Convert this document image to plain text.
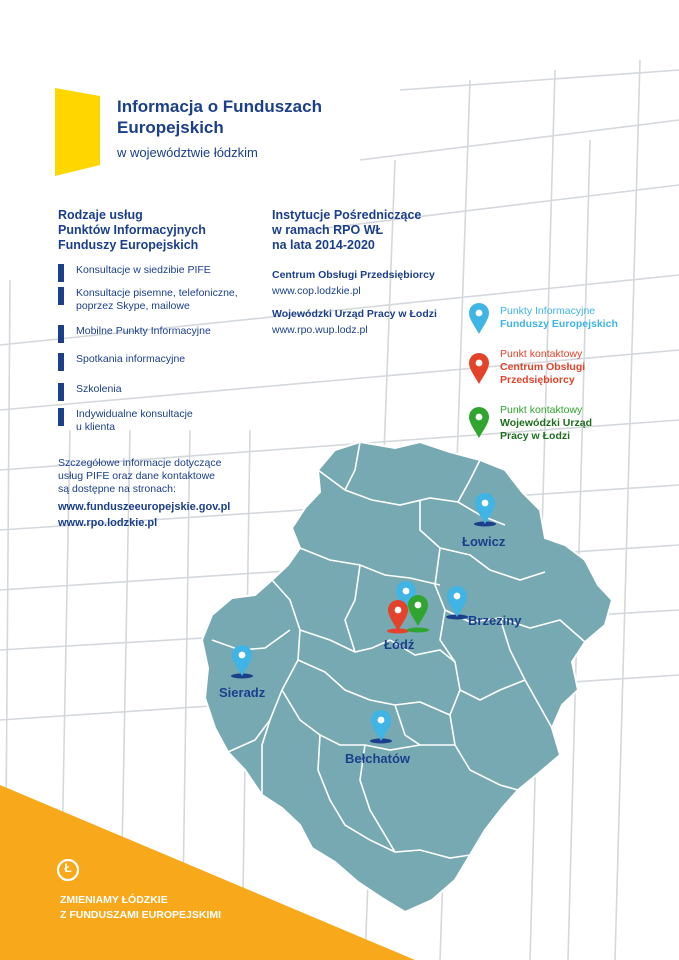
Informacja o Funduszach
Europejskich
w województwie łódzkim
Rodzaje usług
Punktów Informacyjnych
Funduszy Europejskich
Konsultacje w siedzibie PIFE
Konsultacje pisemne, telefoniczne,
poprzez Skype, mailowe
Mobilne Punkty Informacyjne
Spotkania informacyjne
Szkolenia
Indywidualne konsultacje
u klienta
Szczegółowe informacje dotyczące
usług PIFE oraz dane kontaktowe
są dostępne na stronach:
www.funduszeeuropejskie.gov.pl
www.rpo.lodzkie.pl
Instytucje Pośredniczące
w ramach RPO WŁ
na lata 2014-2020
Centrum Obsługi Przedsiębiorcy
www.cop.lodzkie.pl
Wojewódzki Urząd Pracy w Łodzi
www.rpo.wup.lodz.pl
Punkty Informacyjne
Funduszy Europejskich
Punkt kontaktowy
Centrum Obsługi
Przedsiębiorcy
Punkt kontaktowy
Wojewódzki Urząd
Pracy w Łodzi
Łowicz
Brzeziny
Łódź
Sieradz
Bełchatów
Ł
ZMIENIAMY ŁÓDZKIE
Z FUNDUSZAMI EUROPEJSKIMI
